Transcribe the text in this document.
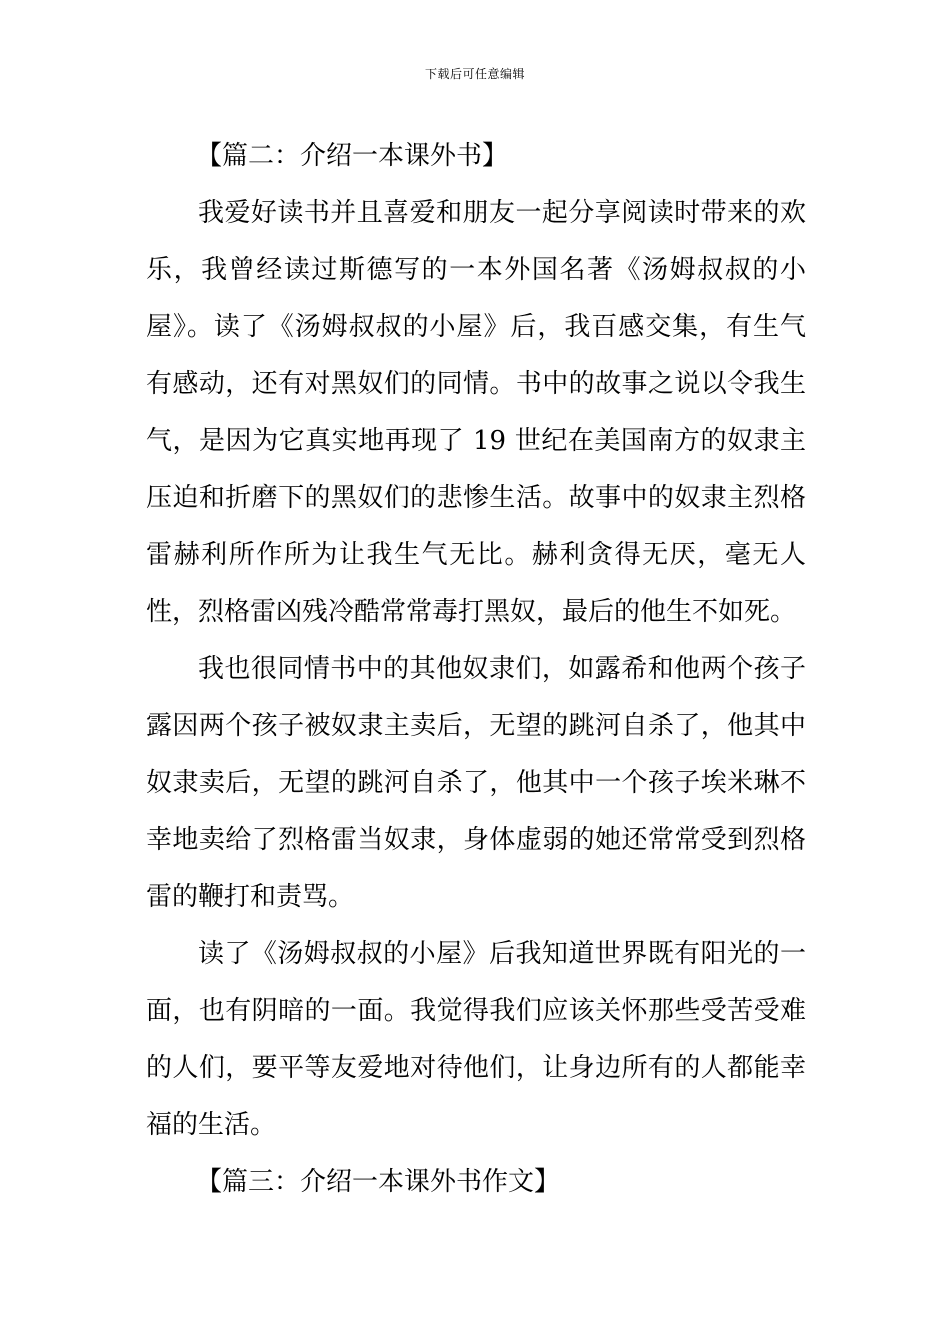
下载后可任意编辑
【篇二：介绍一本课外书】

我爱好读书并且喜爱和朋友一起分享阅读时带来的欢乐，我曾经读过斯德写的一本外国名著《汤姆叔叔的小屋》。读了《汤姆叔叔的小屋》后，我百感交集，有生气有感动，还有对黑奴们的同情。书中的故事之说以令我生气，是因为它真实地再现了 19 世纪在美国南方的奴隶主压迫和折磨下的黑奴们的悲惨生活。故事中的奴隶主烈格雷赫利所作所为让我生气无比。赫利贪得无厌，毫无人性，烈格雷凶残冷酷常常毒打黑奴，最后的他生不如死。

我也很同情书中的其他奴隶们，如露希和他两个孩子露因两个孩子被奴隶主卖后，无望的跳河自杀了，他其中奴隶卖后，无望的跳河自杀了，他其中一个孩子埃米琳不幸地卖给了烈格雷当奴隶，身体虚弱的她还常常受到烈格雷的鞭打和责骂。

读了《汤姆叔叔的小屋》后我知道世界既有阳光的一面，也有阴暗的一面。我觉得我们应该关怀那些受苦受难的人们，要平等友爱地对待他们，让身边所有的人都能幸福的生活。

【篇三：介绍一本课外书作文】
